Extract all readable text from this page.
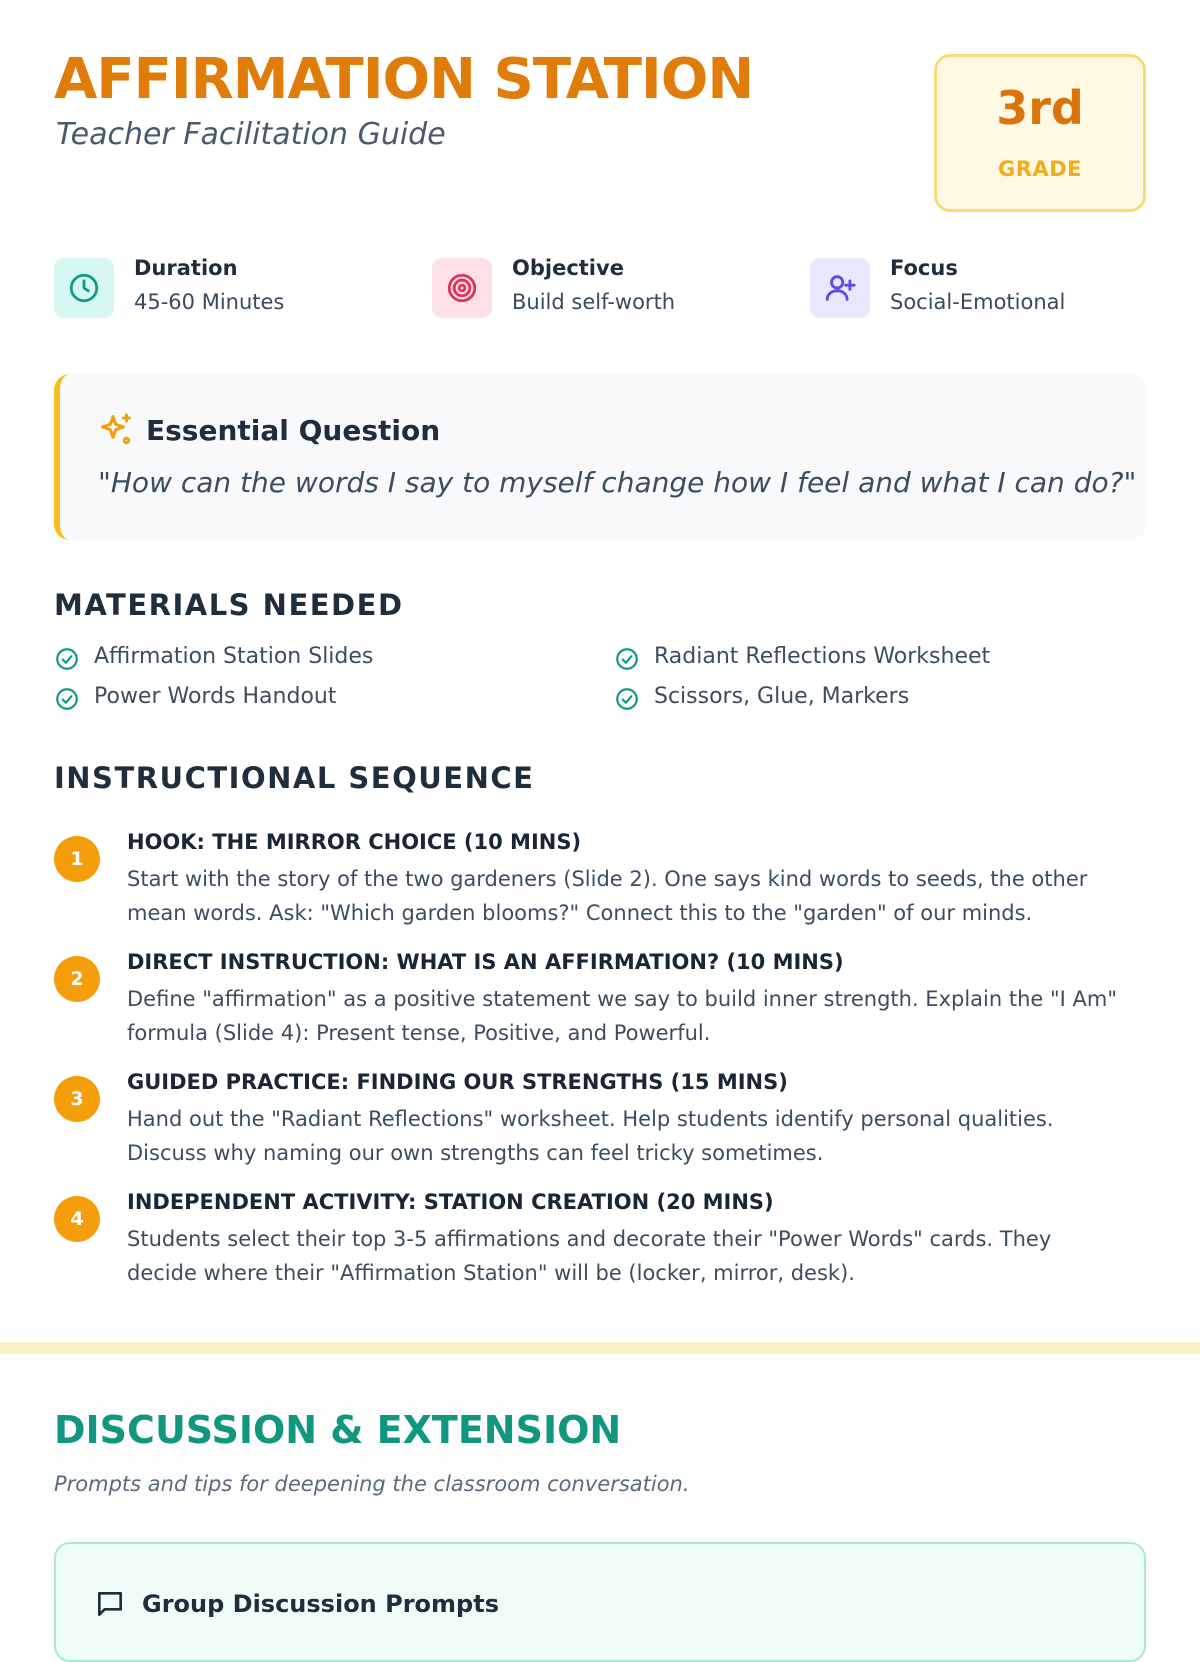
AFFIRMATION STATION
Teacher Facilitation Guide	3rd
GRADE
Duration
45-60 Minutes
Objective
Build self-worth
Focus
Social-Emotional
Essential Question
"How can the words I say to myself change how I feel and what I can do?"
MATERIALS NEEDED
Affirmation Station Slides	Radiant Reflections Worksheet
Power Words Handout	Scissors, Glue, Markers
INSTRUCTIONAL SEQUENCE
1
HOOK: THE MIRROR CHOICE (10 MINS)
Start with the story of the two gardeners (Slide 2). One says kind words to seeds, the other mean words. Ask: "Which garden blooms?" Connect this to the "garden" of our minds.
2
DIRECT INSTRUCTION: WHAT IS AN AFFIRMATION? (10 MINS)
Define "affirmation" as a positive statement we say to build inner strength. Explain the "I Am" formula (Slide 4): Present tense, Positive, and Powerful.
3
GUIDED PRACTICE: FINDING OUR STRENGTHS (15 MINS)
Hand out the "Radiant Reflections" worksheet. Help students identify personal qualities. Discuss why naming our own strengths can feel tricky sometimes.
4
INDEPENDENT ACTIVITY: STATION CREATION (20 MINS)
Students select their top 3-5 affirmations and decorate their "Power Words" cards. They decide where their "Affirmation Station" will be (locker, mirror, desk).
DISCUSSION & EXTENSION
Prompts and tips for deepening the classroom conversation.
Group Discussion Prompts
